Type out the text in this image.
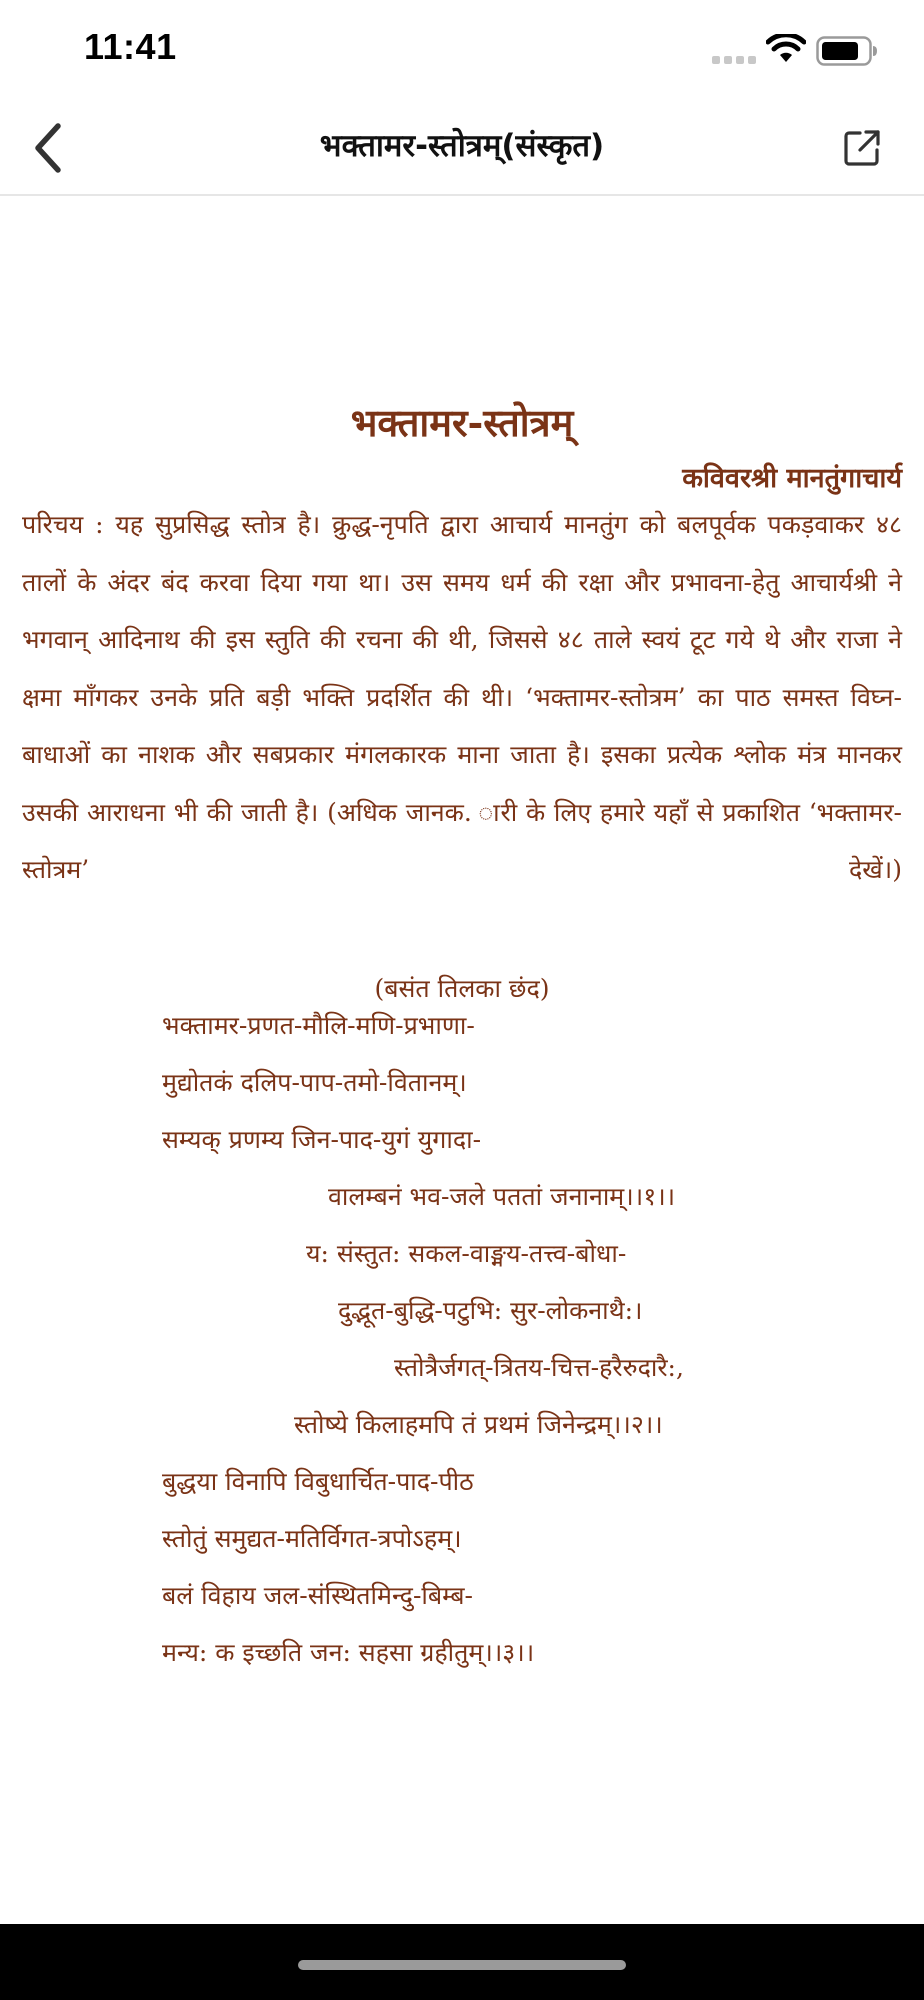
11:41
भक्तामर-स्तोत्रम्(संस्कृत)
भक्तामर-स्तोत्रम्
कविवरश्री मानतुंगाचार्य

परिचय : यह सुप्रसिद्ध स्तोत्र है। क्रुद्ध-नृपति द्वारा आचार्य मानतुंग को बलपूर्वक पकड़वाकर ४८ तालों के अंदर बंद करवा दिया गया था। उस समय धर्म की रक्षा और प्रभावना-हेतु आचार्यश्री ने भगवान् आदिनाथ की इस स्तुति की रचना की थी, जिससे ४८ ताले स्वयं टूट गये थे और राजा ने क्षमा माँगकर उनके प्रति बड़ी भक्ति प्रदर्शित की थी। ‘भक्तामर-स्तोत्रम’ का पाठ समस्त विघ्न-बाधाओं का नाशक और सबप्रकार मंगलकारक माना जाता है। इसका प्रत्येक श्लोक मंत्र मानकर उसकी आराधना भी की जाती है। (अधिक जानक. ारी के लिए हमारे यहाँ से प्रकाशित ‘भक्तामर-स्तोत्रम’ देखें।)

(बसंत तिलका छंद)
भक्तामर-प्रणत-मौलि-मणि-प्रभाणा-
मुद्योतकं दलिप-पाप-तमो-वितानम्।
सम्यक् प्रणम्य जिन-पाद-युगं युगादा-
वालम्बनं भव-जले पततां जनानाम्।।१।।
य: संस्तुत: सकल-वाङ्मय-तत्त्व-बोधा-
दुद्भूत-बुद्धि-पटुभि: सुर-लोकनाथै:।
स्तोत्रैर्जगत्-त्रितय-चित्त-हरैरुदारै:,
स्तोष्ये किलाहमपि तं प्रथमं जिनेन्द्रम्।।२।।
बुद्धया विनापि विबुधार्चित-पाद-पीठ
स्तोतुं समुद्यत-मतिर्विगत-त्रपोऽहम्।
बलं विहाय जल-संस्थितमिन्दु-बिम्ब-
मन्य: क इच्छति जन: सहसा ग्रहीतुम्।।३।।
